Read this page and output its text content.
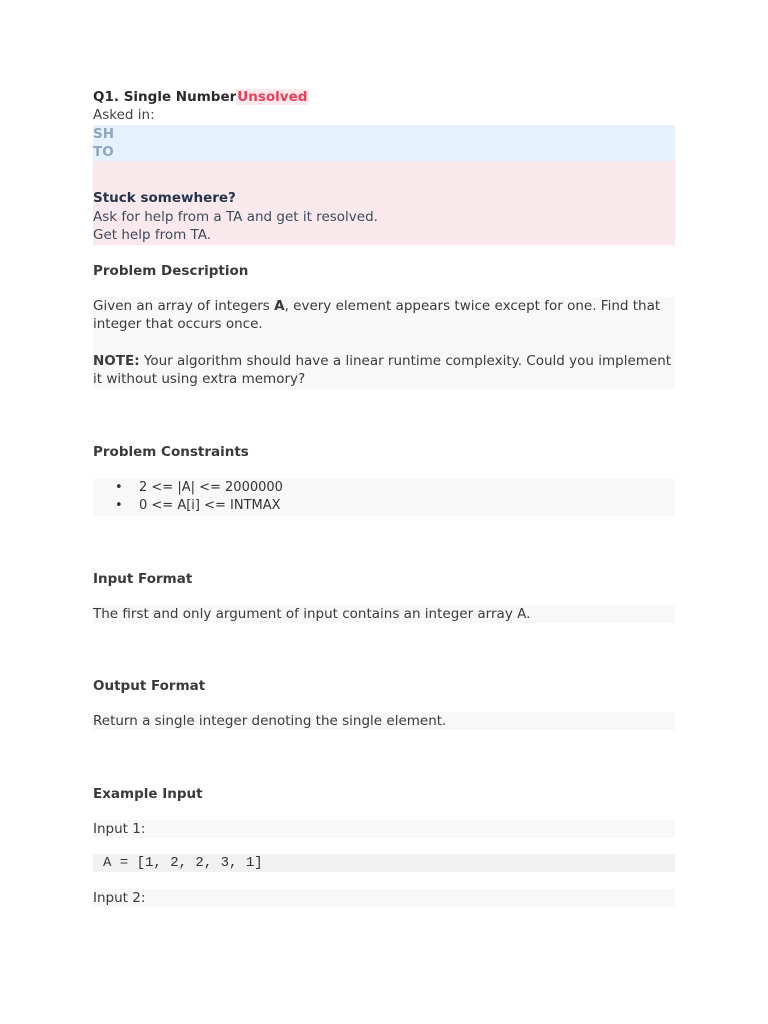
Q1. Single NumberUnsolved
Asked in:
SH
TO
Stuck somewhere?
Ask for help from a TA and get it resolved.
Get help from TA.
Problem Description
Given an array of integers A, every element appears twice except for one. Find that integer that occurs once.
NOTE: Your algorithm should have a linear runtime complexity. Could you implement it without using extra memory?
Problem Constraints
• 2 <= |A| <= 2000000
• 0 <= A[i] <= INTMAX
Input Format
The first and only argument of input contains an integer array A.
Output Format
Return a single integer denoting the single element.
Example Input
Input 1:
A = [1, 2, 2, 3, 1]
Input 2:
